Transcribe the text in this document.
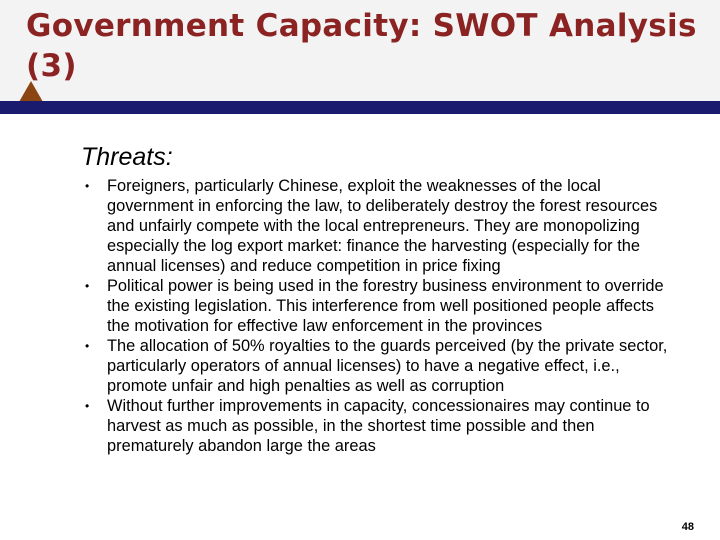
Government Capacity: SWOT Analysis (3)
Threats:
• Foreigners, particularly Chinese, exploit the weaknesses of the local government in enforcing the law, to deliberately destroy the forest resources and unfairly compete with the local entrepreneurs. They are monopolizing especially the log export market: finance the harvesting (especially for the annual licenses) and reduce competition in price fixing
• Political power is being used in the forestry business environment to override the existing legislation. This interference from well positioned people affects the motivation for effective law enforcement in the provinces
• The allocation of 50% royalties to the guards perceived (by the private sector, particularly operators of annual licenses) to have a negative effect, i.e., promote unfair and high penalties as well as corruption
• Without further improvements in capacity, concessionaires may continue to harvest as much as possible, in the shortest time possible and then prematurely abandon large the areas
48
